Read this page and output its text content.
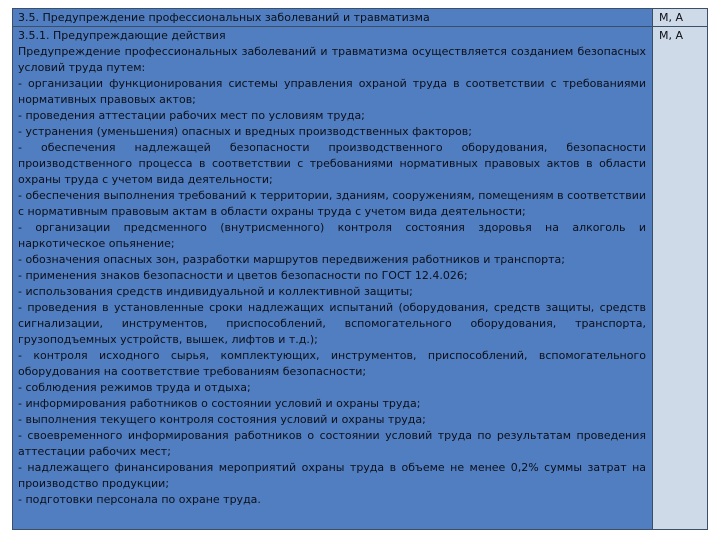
3.5. Предупреждение профессиональных заболеваний и травматизма	М, А

3.5.1. Предупреждающие действия

Предупреждение профессиональных заболеваний и травматизма осуществляется созданием безопасных условий труда путем:

- организации функционирования системы управления охраной труда в соответствии с требованиями нормативных правовых актов;

- проведения аттестации рабочих мест по условиям труда;

- устранения (уменьшения) опасных и вредных производственных факторов;

- обеспечения надлежащей безопасности производственного оборудования, безопасности производственного процесса в соответствии с требованиями нормативных правовых актов в области охраны труда с учетом вида деятельности;

- обеспечения выполнения требований к территории, зданиям, сооружениям, помещениям в соответствии с нормативным правовым актам в области охраны труда с учетом вида деятельности;

- организации предсменного (внутрисменного) контроля состояния здоровья на алкоголь и наркотическое опьянение;

- обозначения опасных зон, разработки маршрутов передвижения работников и транспорта;

- применения знаков безопасности и цветов безопасности по ГОСТ 12.4.026;

- использования средств индивидуальной и коллективной защиты;

- проведения в установленные сроки надлежащих испытаний (оборудования, средств защиты, средств сигнализации, инструментов, приспособлений, вспомогательного оборудования, транспорта, грузоподъемных устройств, вышек, лифтов и т.д.);

- контроля исходного сырья, комплектующих, инструментов, приспособлений, вспомогательного оборудования на соответствие требованиям безопасности;

- соблюдения режимов труда и отдыха;

- информирования работников о состоянии условий и охраны труда;

- выполнения текущего контроля состояния условий и охраны труда;

- своевременного информирования работников о состоянии условий труда по результатам проведения аттестации рабочих мест;

- надлежащего финансирования мероприятий охраны труда в объеме не менее 0,2% суммы затрат на производство продукции;

- подготовки персонала по охране труда.

М, А
